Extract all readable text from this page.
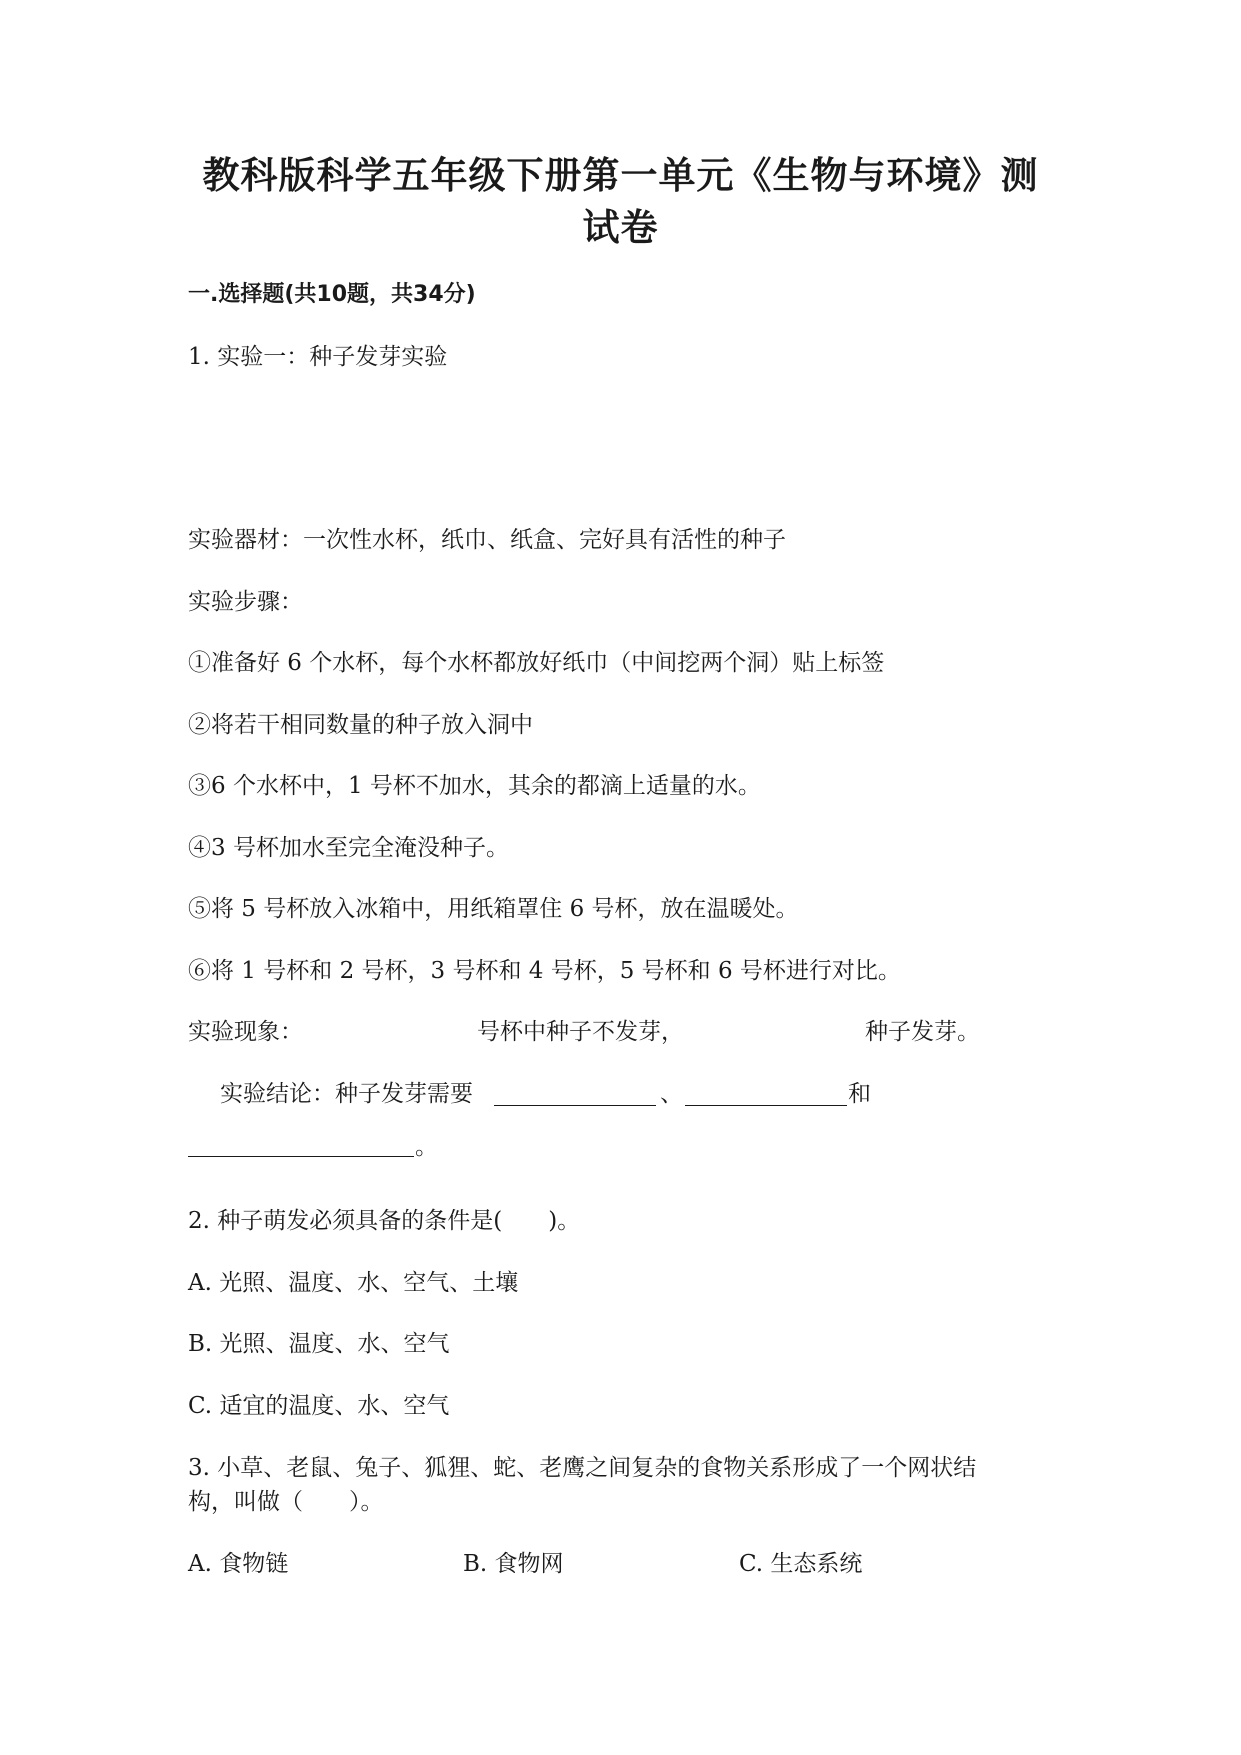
教科版科学五年级下册第一单元《生物与环境》测
试卷
一.选择题(共10题，共34分)
1. 实验一：种子发芽实验
实验器材：一次性水杯，纸巾、纸盒、完好具有活性的种子
实验步骤：
①准备好 6 个水杯，每个水杯都放好纸巾（中间挖两个洞）贴上标签
②将若干相同数量的种子放入洞中
③6 个水杯中，1 号杯不加水，其余的都滴上适量的水。
④3 号杯加水至完全淹没种子。
⑤将 5 号杯放入冰箱中，用纸箱罩住 6 号杯，放在温暖处。
⑥将 1 号杯和 2 号杯，3 号杯和 4 号杯，5 号杯和 6 号杯进行对比。
实验现象：	号杯中种子不发芽，	种子发芽。
实验结论：种子发芽需要	、	和
。
2. 种子萌发必须具备的条件是(　　)。
A. 光照、温度、水、空气、土壤
B. 光照、温度、水、空气
C. 适宜的温度、水、空气
3. 小草、老鼠、兔子、狐狸、蛇、老鹰之间复杂的食物关系形成了一个网状结
构，叫做（　　）。
A. 食物链	B. 食物网	C. 生态系统
